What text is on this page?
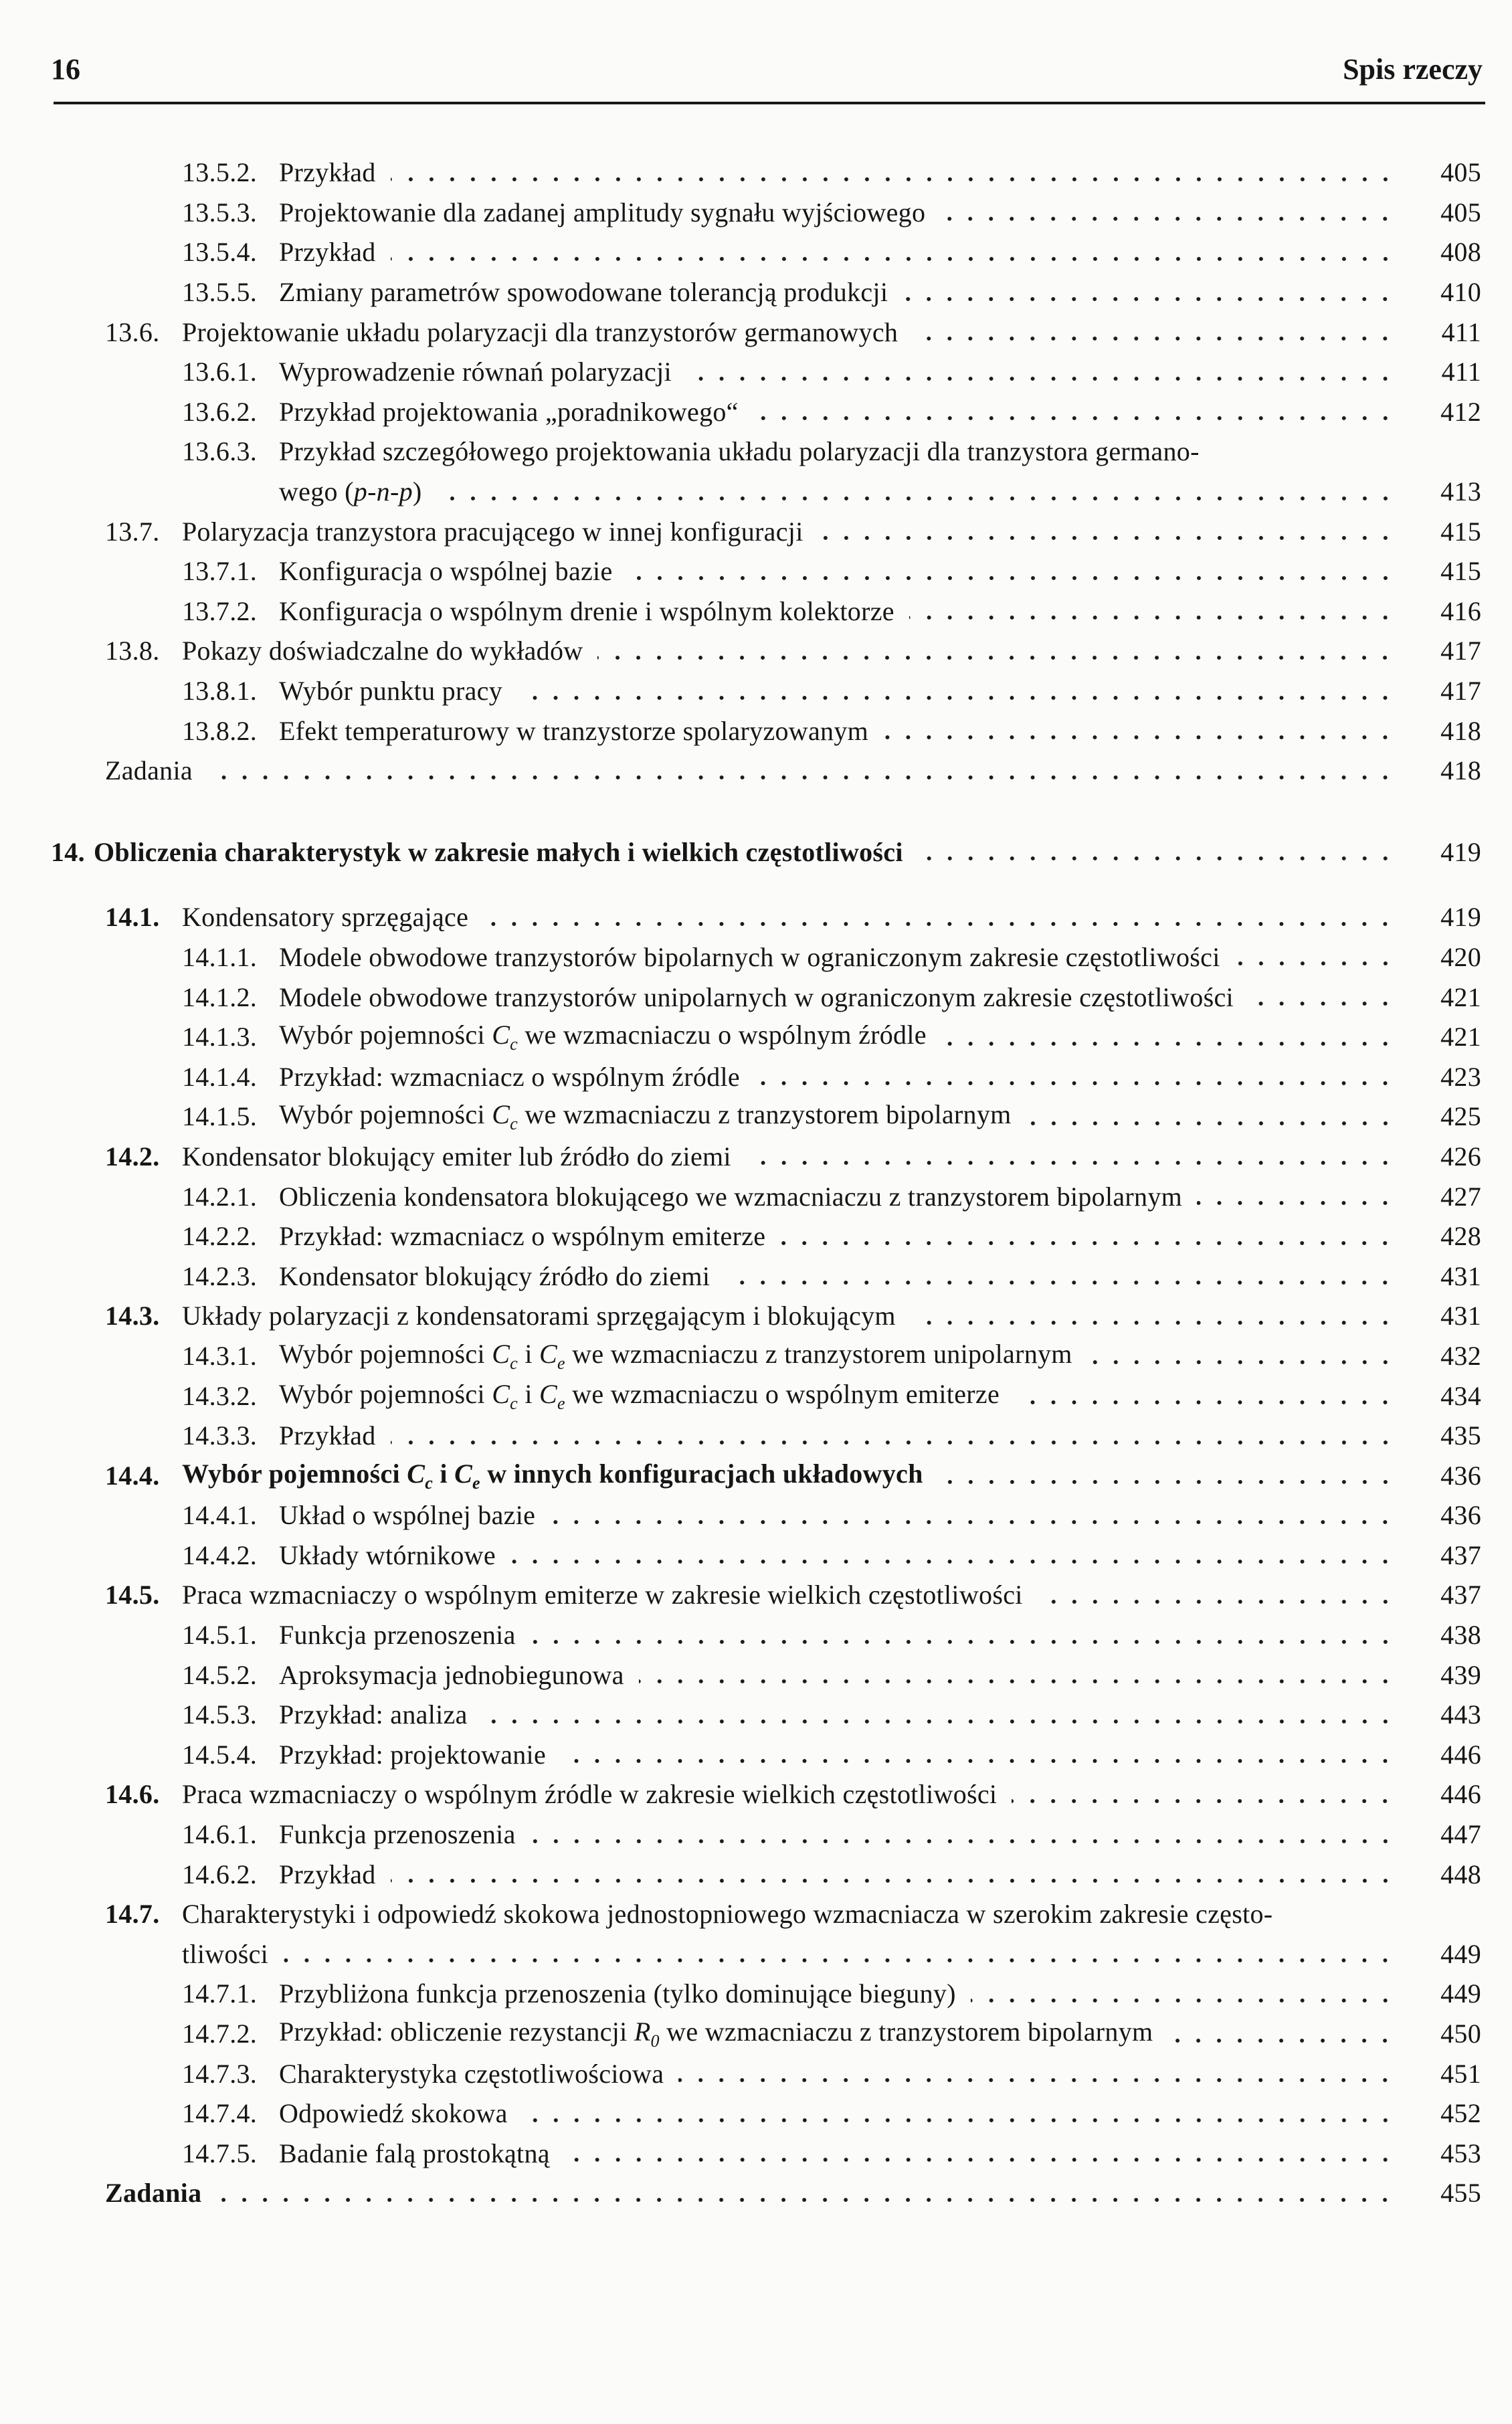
16	Spis rzeczy
13.5.2. Przykład	405
13.5.3. Projektowanie dla zadanej amplitudy sygnału wyjściowego	405
13.5.4. Przykład	408
13.5.5. Zmiany parametrów spowodowane tolerancją produkcji	410
13.6. Projektowanie układu polaryzacji dla tranzystorów germanowych	411
13.6.1. Wyprowadzenie równań polaryzacji	411
13.6.2. Przykład projektowania „poradnikowego“	412
13.6.3. Przykład szczegółowego projektowania układu polaryzacji dla tranzystora germano-
wego (p-n-p)	413
13.7. Polaryzacja tranzystora pracującego w innej konfiguracji	415
13.7.1. Konfiguracja o wspólnej bazie	415
13.7.2. Konfiguracja o wspólnym drenie i wspólnym kolektorze	416
13.8. Pokazy doświadczalne do wykładów	417
13.8.1. Wybór punktu pracy	417
13.8.2. Efekt temperaturowy w tranzystorze spolaryzowanym	418
Zadania	418
14. Obliczenia charakterystyk w zakresie małych i wielkich częstotliwości	419
14.1. Kondensatory sprzęgające	419
14.1.1. Modele obwodowe tranzystorów bipolarnych w ograniczonym zakresie częstotliwości	420
14.1.2. Modele obwodowe tranzystorów unipolarnych w ograniczonym zakresie częstotliwości	421
14.1.3. Wybór pojemności $C_c$ we wzmacniaczu o wspólnym źródle	421
14.1.4. Przykład: wzmacniacz o wspólnym źródle	423
14.1.5. Wybór pojemności $C_c$ we wzmacniaczu z tranzystorem bipolarnym	425
14.2. Kondensator blokujący emiter lub źródło do ziemi	426
14.2.1. Obliczenia kondensatora blokującego we wzmacniaczu z tranzystorem bipolarnym	427
14.2.2. Przykład: wzmacniacz o wspólnym emiterze	428
14.2.3. Kondensator blokujący źródło do ziemi	431
14.3. Układy polaryzacji z kondensatorami sprzęgającym i blokującym	431
14.3.1. Wybór pojemności $C_c$ i $C_e$ we wzmacniaczu z tranzystorem unipolarnym	432
14.3.2. Wybór pojemności $C_c$ i $C_e$ we wzmacniaczu o wspólnym emiterze	434
14.3.3. Przykład	435
14.4. Wybór pojemności $C_c$ i $C_e$ w innych konfiguracjach układowych	436
14.4.1. Układ o wspólnej bazie	436
14.4.2. Układy wtórnikowe	437
14.5. Praca wzmacniaczy o wspólnym emiterze w zakresie wielkich częstotliwości	437
14.5.1. Funkcja przenoszenia	438
14.5.2. Aproksymacja jednobiegunowa	439
14.5.3. Przykład: analiza	443
14.5.4. Przykład: projektowanie	446
14.6. Praca wzmacniaczy o wspólnym źródle w zakresie wielkich częstotliwości	446
14.6.1. Funkcja przenoszenia	447
14.6.2. Przykład	448
14.7. Charakterystyki i odpowiedź skokowa jednostopniowego wzmacniacza w szerokim zakresie często-
tliwości	449
14.7.1. Przybliżona funkcja przenoszenia (tylko dominujące bieguny)	449
14.7.2. Przykład: obliczenie rezystancji $R_0$ we wzmacniaczu z tranzystorem bipolarnym	450
14.7.3. Charakterystyka częstotliwościowa	451
14.7.4. Odpowiedź skokowa	452
14.7.5. Badanie falą prostokątną	453
Zadania	455
